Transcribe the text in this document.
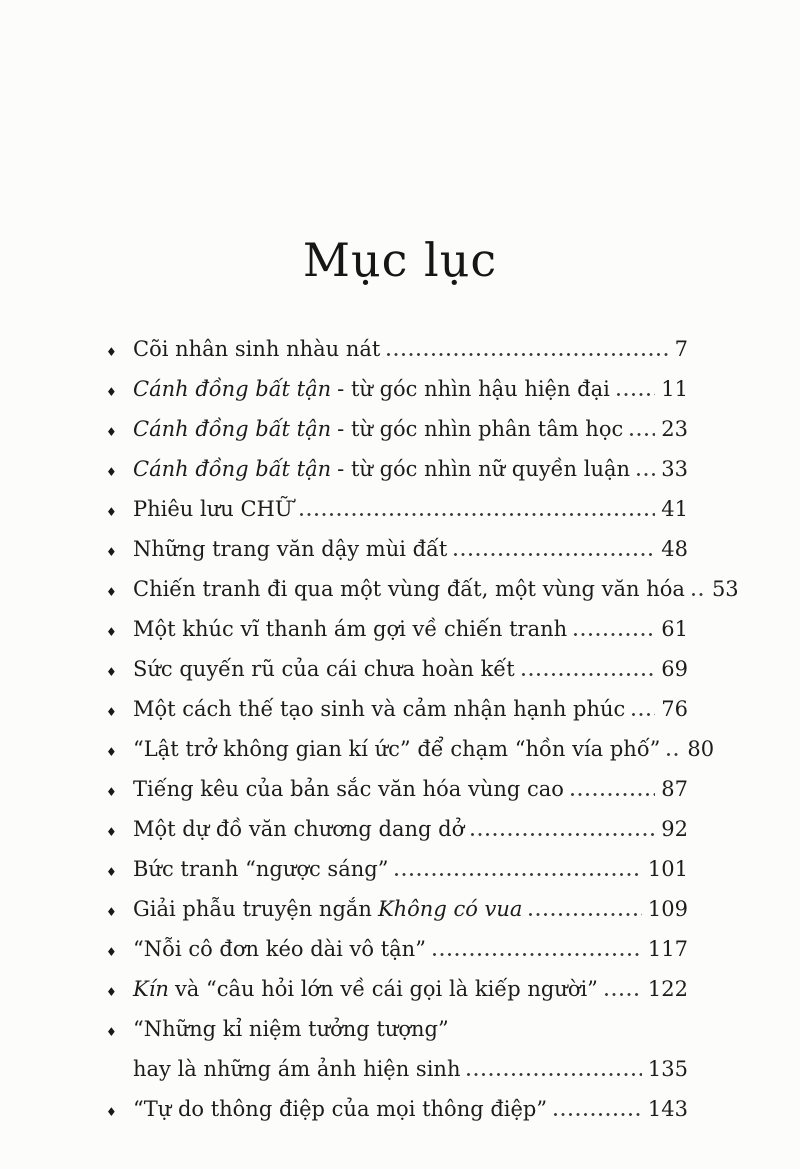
Mục lục
♦ Cõi nhân sinh nhàu nát	7
♦ Cánh đồng bất tận - từ góc nhìn hậu hiện đại 11
♦ Cánh đồng bất tận - từ góc nhìn phân tâm học 23
♦ Cánh đồng bất tận - từ góc nhìn nữ quyền luận 33
♦ Phiêu lưu CHỮ	41
♦ Những trang văn dậy mùi đất	48
♦ Chiến tranh đi qua một vùng đất, một vùng văn hóa 53
♦ Một khúc vĩ thanh ám gợi về chiến tranh	61
♦ Sức quyến rũ của cái chưa hoàn kết	69
♦ Một cách thế tạo sinh và cảm nhận hạnh phúc 76
♦ “Lật trở không gian kí ức” để chạm “hồn vía phố” 80
♦ Tiếng kêu của bản sắc văn hóa vùng cao	87
♦ Một dự đồ văn chương dang dở	92
♦ Bức tranh “ngược sáng”	101
♦ Giải phẫu truyện ngắn Không có vua	109
♦ “Nỗi cô đơn kéo dài vô tận”	117
♦ Kín và “câu hỏi lớn về cái gọi là kiếp người” 122
♦ “Những kỉ niệm tưởng tượng”
hay là những ám ảnh hiện sinh	135
♦ “Tự do thông điệp của mọi thông điệp”	143
